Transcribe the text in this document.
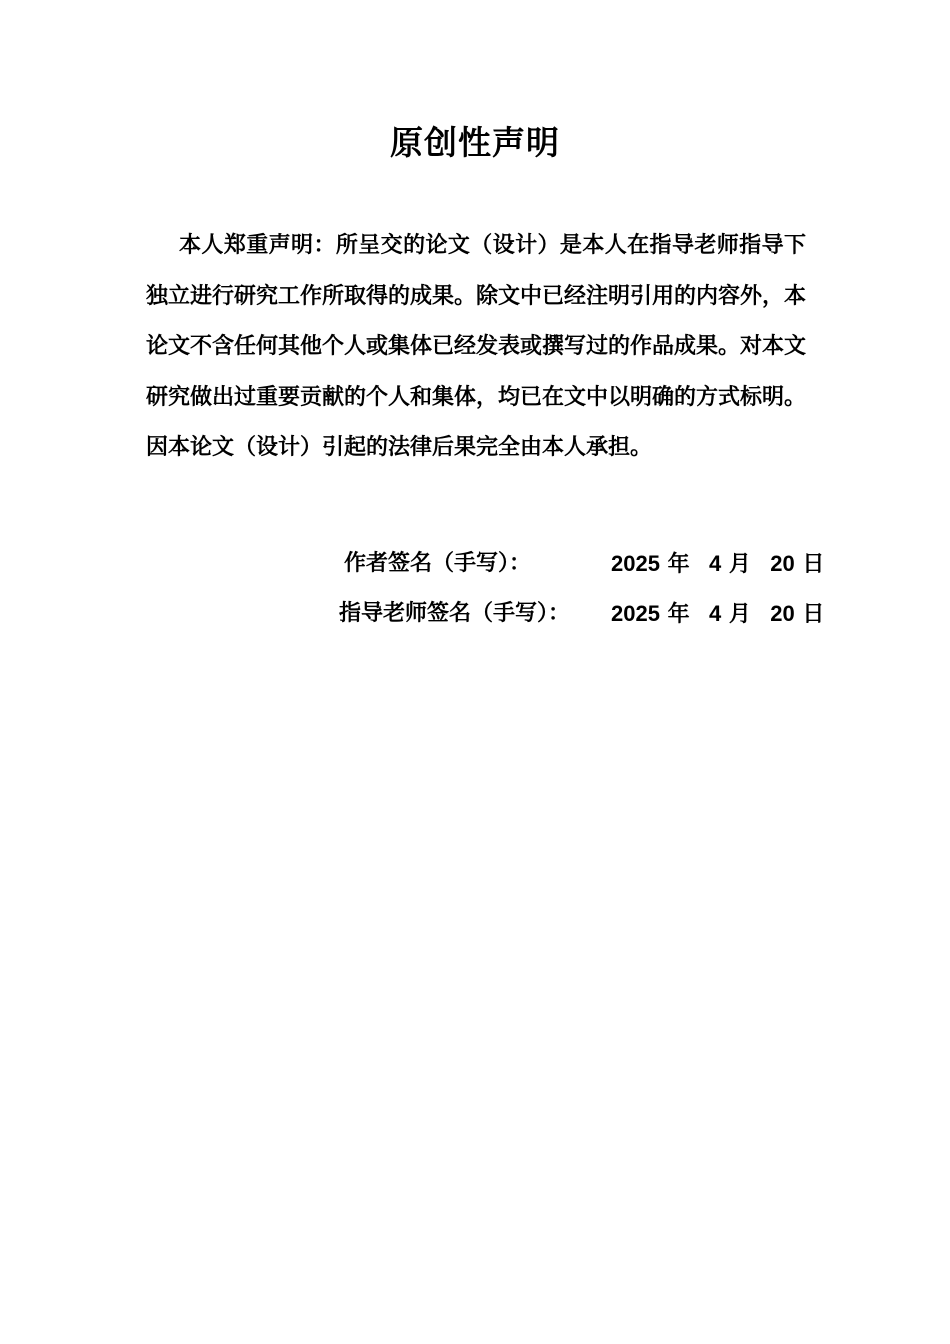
原创性声明

本人郑重声明：所呈交的论文（设计）是本人在指导老师指导下独立进行研究工作所取得的成果。除文中已经注明引用的内容外，本论文不含任何其他个人或集体已经发表或撰写过的作品成果。对本文研究做出过重要贡献的个人和集体，均已在文中以明确的方式标明。因本论文（设计）引起的法律后果完全由本人承担。

作者签名（手写）：	2025 年 4 月 20 日
指导老师签名（手写）： 2025 年 4 月 20 日
